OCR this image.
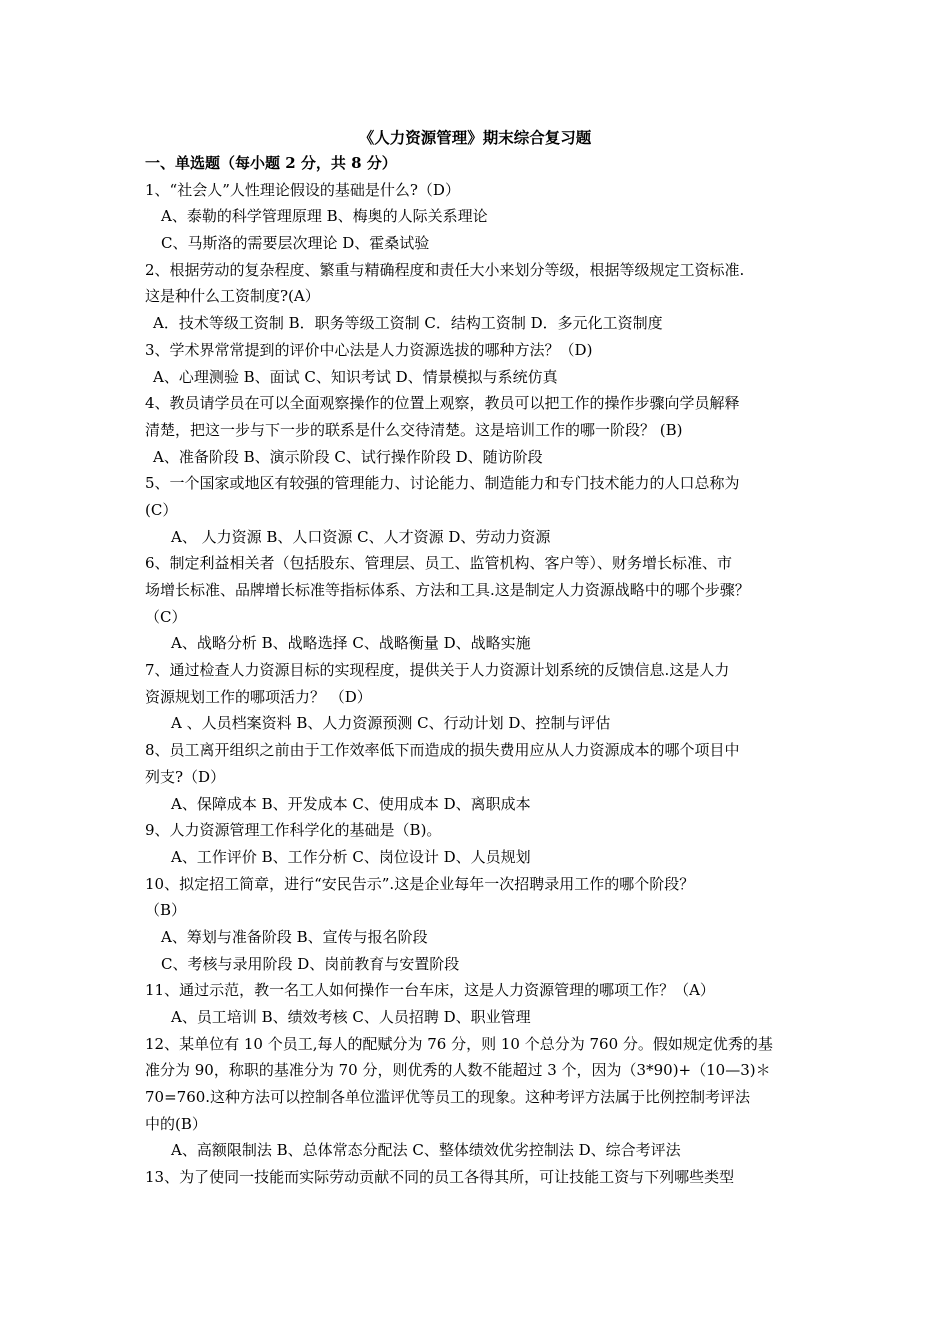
《人力资源管理》期末综合复习题
一、单选题（每小题 2 分，共 8 分）
1、“社会人”人性理论假设的基础是什么?（D）
A、泰勒的科学管理原理 B、梅奥的人际关系理论
C、马斯洛的需要层次理论 D、霍桑试验
2、根据劳动的复杂程度、繁重与精确程度和责任大小来划分等级，根据等级规定工资标准.
这是种什么工资制度?(A）
A．技术等级工资制 B．职务等级工资制 C．结构工资制 D．多元化工资制度
3、学术界常常提到的评价中心法是人力资源选拔的哪种方法？（D)
A、心理测验 B、面试 C、知识考试 D、情景模拟与系统仿真
4、教员请学员在可以全面观察操作的位置上观察，教员可以把工作的操作步骤向学员解释
清楚，把这一步与下一步的联系是什么交待清楚。这是培训工作的哪一阶段？ (B)
A、准备阶段 B、演示阶段 C、试行操作阶段 D、随访阶段
5、一个国家或地区有较强的管理能力、讨论能力、制造能力和专门技术能力的人口总称为
(C）
A、 人力资源 B、人口资源 C、人才资源 D、劳动力资源
6、制定利益相关者（包括股东、管理层、员工、监管机构、客户等）、财务增长标准、市
场增长标准、品牌增长标准等指标体系、方法和工具.这是制定人力资源战略中的哪个步骤？
（C）
A、战略分析 B、战略选择 C、战略衡量 D、战略实施
7、通过检查人力资源目标的实现程度，提供关于人力资源计划系统的反馈信息.这是人力
资源规划工作的哪项活力？ （D）
A 、人员档案资料 B、人力资源预测 C、行动计划 D、控制与评估
8、员工离开组织之前由于工作效率低下而造成的损失费用应从人力资源成本的哪个项目中
列支?（D）
A、保障成本 B、开发成本 C、使用成本 D、离职成本
9、人力资源管理工作科学化的基础是（B)。
A、工作评价 B、工作分析 C、岗位设计 D、人员规划
10、拟定招工简章，进行“安民告示”.这是企业每年一次招聘录用工作的哪个阶段？
（B）
A、筹划与准备阶段 B、宣传与报名阶段
C、考核与录用阶段 D、岗前教育与安置阶段
11、通过示范，教一名工人如何操作一台车床，这是人力资源管理的哪项工作？（A）
A、员工培训 B、绩效考核 C、人员招聘 D、职业管理
12、某单位有 10 个员工,每人的配赋分为 76 分，则 10 个总分为 760 分。假如规定优秀的基
准分为 90，称职的基准分为 70 分，则优秀的人数不能超过 3 个，因为（3*90)+（10—3)＊
70=760.这种方法可以控制各单位滥评优等员工的现象。这种考评方法属于比例控制考评法
中的(B）
A、高额限制法 B、总体常态分配法 C、整体绩效优劣控制法 D、综合考评法
13、为了使同一技能而实际劳动贡献不同的员工各得其所，可让技能工资与下列哪些类型
